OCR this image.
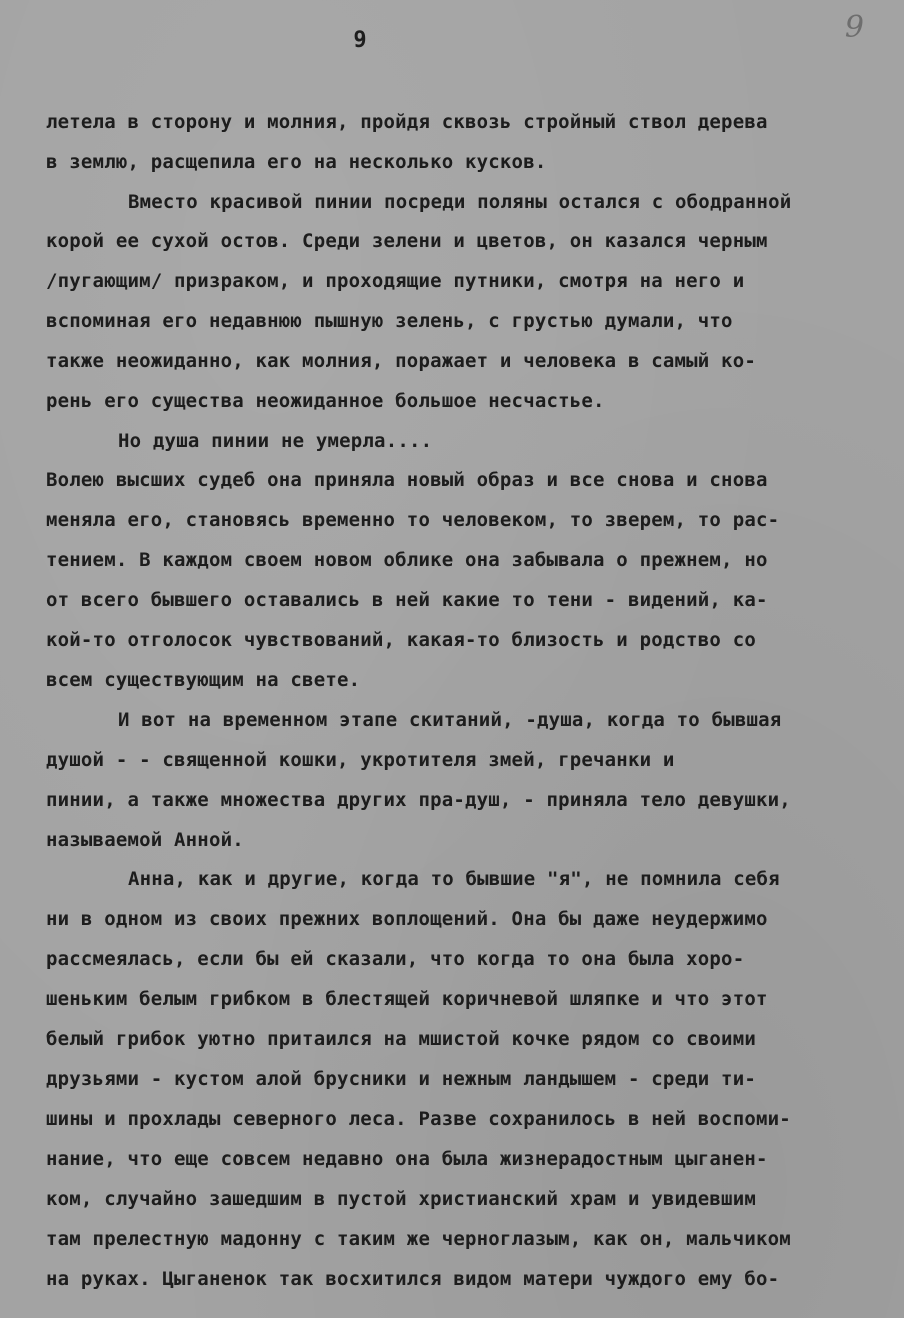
9	9
летела в сторону и молния, пройдя сквозь стройный ствол дерева
в землю, расщепила его на несколько кусков.
Вместо красивой пинии посреди поляны остался с ободранной
корой ее сухой остов. Среди зелени и цветов, он казался черным
/пугающим/ призраком, и проходящие путники, смотря на него и
вспоминая его недавнюю пышную зелень, с грустью думали, что
также неожиданно, как молния, поражает и человека в самый ко-
рень его существа неожиданное большое несчастье.
Но душа пинии не умерла....
Волею высших судеб она приняла новый образ и все снова и снова
меняла его, становясь временно то человеком, то зверем, то рас-
тением. В каждом своем новом облике она забывала о прежнем, но
от всего бывшего оставались в ней какие то тени - видений, ка-
кой-то отголосок чувствований, какая-то близость и родство со
всем существующим на свете.
И вот на временном этапе скитаний, -душа, когда то бывшая
душой - - священной кошки, укротителя змей, гречанки и
пинии, а также множества других пра-душ, - приняла тело девушки,
называемой Анной.
Анна, как и другие, когда то бывшие "я", не помнила себя
ни в одном из своих прежних воплощений. Она бы даже неудержимо
рассмеялась, если бы ей сказали, что когда то она была хоро-
шеньким белым грибком в блестящей коричневой шляпке и что этот
белый грибок уютно притаился на мшистой кочке рядом со своими
друзьями - кустом алой брусники и нежным ландышем - среди ти-
шины и прохлады северного леса. Разве сохранилось в ней воспоми-
нание, что еще совсем недавно она была жизнерадостным цыганен-
ком, случайно зашедшим в пустой христианский храм и увидевшим
там прелестную мадонну с таким же черноглазым, как он, мальчиком
на руках. Цыганенок так восхитился видом матери чуждого ему бо-
